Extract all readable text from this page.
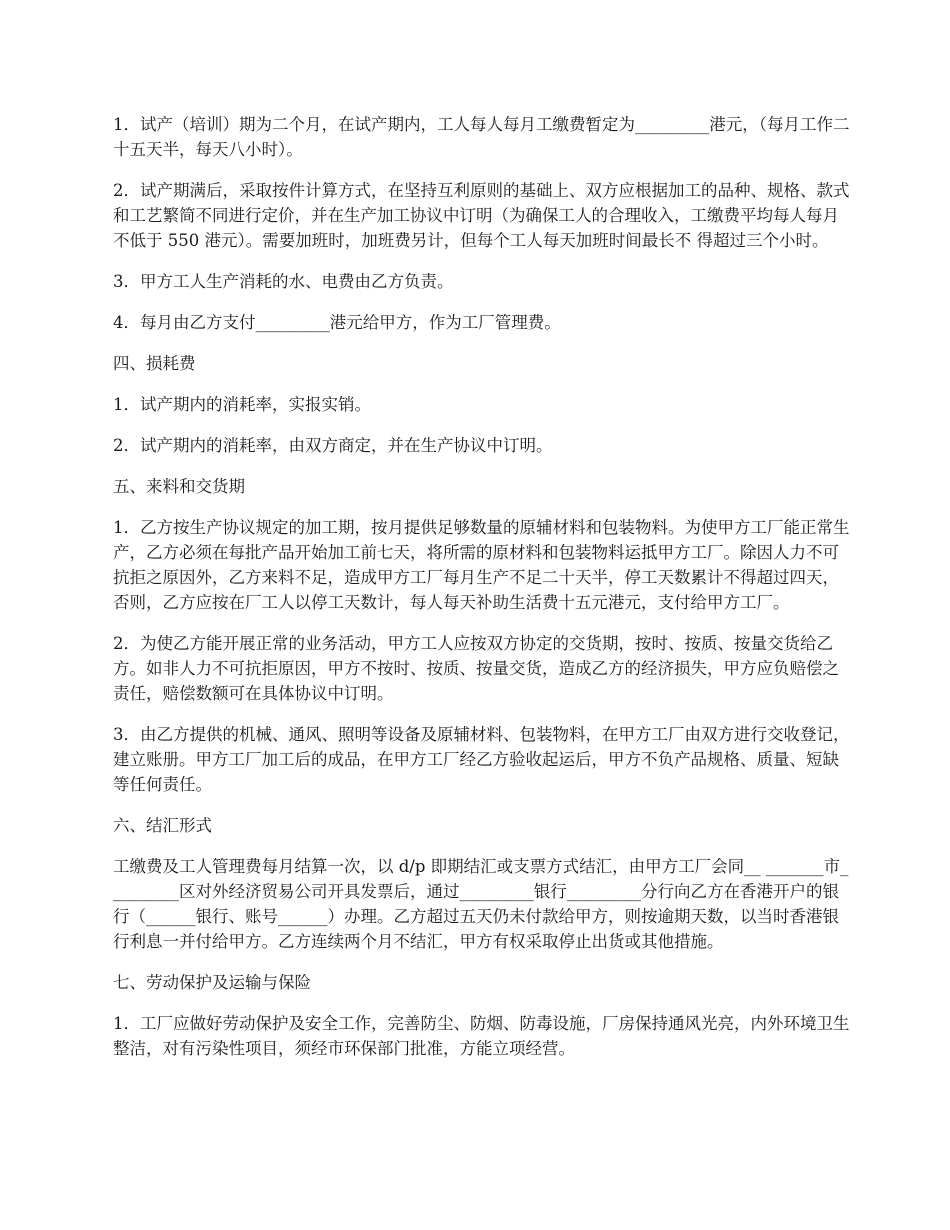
1．试产（培训）期为二个月，在试产期内，工人每人每月工缴费暂定为_________港元，（每月工作二十五天半，每天八小时）。

2．试产期满后，采取按件计算方式，在坚持互利原则的基础上、双方应根据加工的品种、规格、款式和工艺繁简不同进行定价，并在生产加工协议中订明（为确保工人的合理收入，工缴费平均每人每月不低于 550 港元）。需要加班时，加班费另计，但每个工人每天加班时间最长不 得超过三个小时。

3．甲方工人生产消耗的水、电费由乙方负责。

4．每月由乙方支付_________港元给甲方，作为工厂管理费。

四、损耗费

1．试产期内的消耗率，实报实销。

2．试产期内的消耗率，由双方商定，并在生产协议中订明。

五、来料和交货期

1．乙方按生产协议规定的加工期，按月提供足够数量的原辅材料和包装物料。为使甲方工厂能正常生产，乙方必须在每批产品开始加工前七天，将所需的原材料和包装物料运抵甲方工厂。除因人力不可抗拒之原因外，乙方来料不足，造成甲方工厂每月生产不足二十天半，停工天数累计不得超过四天，否则，乙方应按在厂工人以停工天数计，每人每天补助生活费十五元港元，支付给甲方工厂。

2．为使乙方能开展正常的业务活动，甲方工人应按双方协定的交货期，按时、按质、按量交货给乙方。如非人力不可抗拒原因，甲方不按时、按质、按量交货，造成乙方的经济损失，甲方应负赔偿之责任，赔偿数额可在具体协议中订明。

3．由乙方提供的机械、通风、照明等设备及原辅材料、包装物料，在甲方工厂由双方进行交收登记，建立账册。甲方工厂加工后的成品，在甲方工厂经乙方验收起运后，甲方不负产品规格、质量、短缺等任何责任。

六、结汇形式

工缴费及工人管理费每月结算一次，以 d/p 即期结汇或支票方式结汇，由甲方工厂会同__ _______市_________区对外经济贸易公司开具发票后，通过_________银行_________分行向乙方在香港开户的银行（______银行、账号______）办理。乙方超过五天仍未付款给甲方，则按逾期天数，以当时香港银行利息一并付给甲方。乙方连续两个月不结汇，甲方有权采取停止出货或其他措施。

七、劳动保护及运输与保险

1．工厂应做好劳动保护及安全工作，完善防尘、防烟、防毒设施，厂房保持通风光亮，内外环境卫生整洁，对有污染性项目，须经市环保部门批准，方能立项经营。
